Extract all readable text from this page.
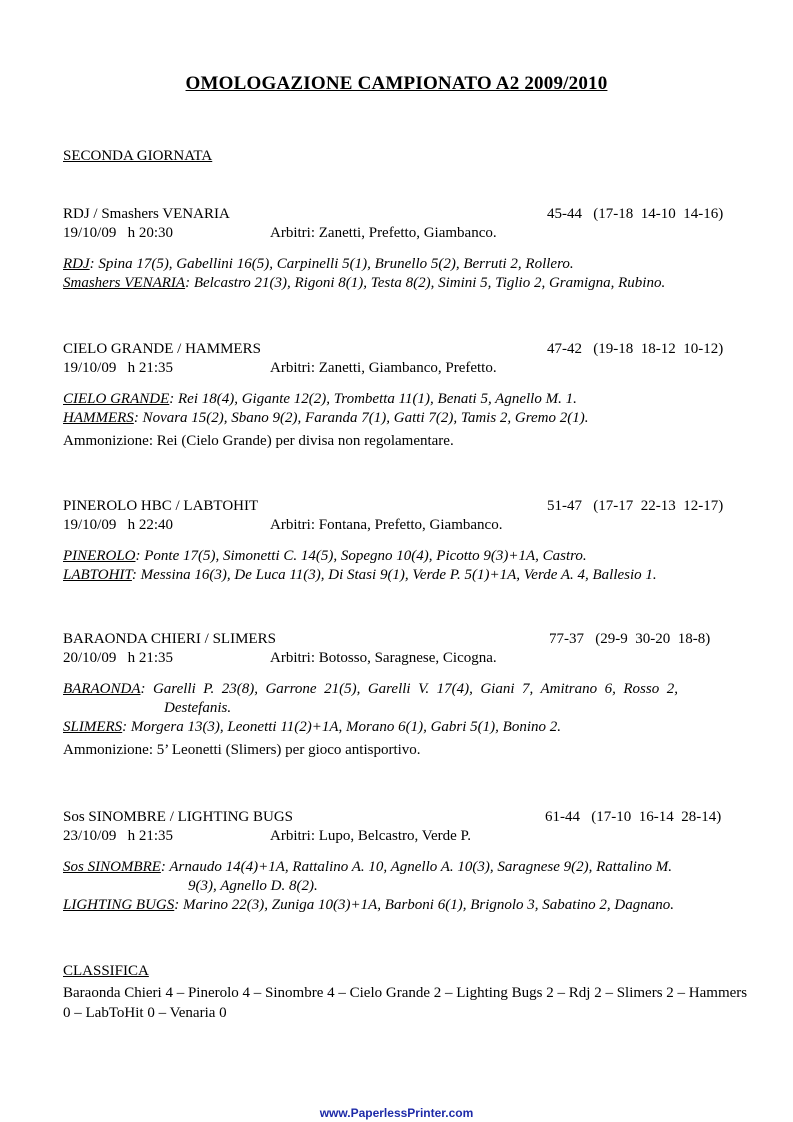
OMOLOGAZIONE CAMPIONATO A2 2009/2010
SECONDA GIORNATA
RDJ / Smashers VENARIA	45-44   (17-18  14-10  14-16)
19/10/09   h 20:30	Arbitri: Zanetti, Prefetto, Giambanco.

RDJ: Spina 17(5), Gabellini 16(5), Carpinelli 5(1), Brunello 5(2), Berruti 2, Rollero.

Smashers VENARIA: Belcastro 21(3), Rigoni 8(1), Testa 8(2), Simini 5, Tiglio 2, Gramigna, Rubino.

CIELO GRANDE / HAMMERS	47-42   (19-18  18-12  10-12)
19/10/09   h 21:35	Arbitri: Zanetti, Giambanco, Prefetto.

CIELO GRANDE: Rei 18(4), Gigante 12(2), Trombetta 11(1), Benati 5, Agnello M. 1.

HAMMERS: Novara 15(2), Sbano 9(2), Faranda 7(1), Gatti 7(2), Tamis 2, Gremo 2(1).

Ammonizione: Rei (Cielo Grande) per divisa non regolamentare.
PINEROLO HBC / LABTOHIT	51-47   (17-17  22-13  12-17)
19/10/09   h 22:40	Arbitri: Fontana, Prefetto, Giambanco.

PINEROLO: Ponte 17(5), Simonetti C. 14(5), Sopegno 10(4), Picotto 9(3)+1A, Castro.

LABTOHIT: Messina 16(3), De Luca 11(3), Di Stasi 9(1), Verde P. 5(1)+1A, Verde A. 4, Ballesio 1.

BARAONDA CHIERI / SLIMERS	77-37   (29-9  30-20  18-8)
20/10/09   h 21:35	Arbitri: Botosso, Saragnese, Cicogna.

BARAONDA:  Garelli  P.  23(8),  Garrone  21(5),  Garelli  V.  17(4),  Giani  7,  Amitrano  6,  Rosso  2,

Destefanis.

SLIMERS: Morgera 13(3), Leonetti 11(2)+1A, Morano 6(1), Gabri 5(1), Bonino 2.

Ammonizione: 5’ Leonetti (Slimers) per gioco antisportivo.
Sos SINOMBRE / LIGHTING BUGS	61-44   (17-10  16-14  28-14)
23/10/09   h 21:35	Arbitri: Lupo, Belcastro, Verde P.

Sos SINOMBRE: Arnaudo 14(4)+1A, Rattalino A. 10, Agnello A. 10(3), Saragnese 9(2), Rattalino M.

9(3), Agnello D. 8(2).

LIGHTING BUGS: Marino 22(3), Zuniga 10(3)+1A, Barboni 6(1), Brignolo 3, Sabatino 2, Dagnano.

CLASSIFICA
Baraonda Chieri 4 – Pinerolo 4 – Sinombre 4 – Cielo Grande 2 – Lighting Bugs 2 – Rdj 2 – Slimers 2 – Hammers 0 – LabToHit 0 – Venaria 0
www.PaperlessPrinter.com
